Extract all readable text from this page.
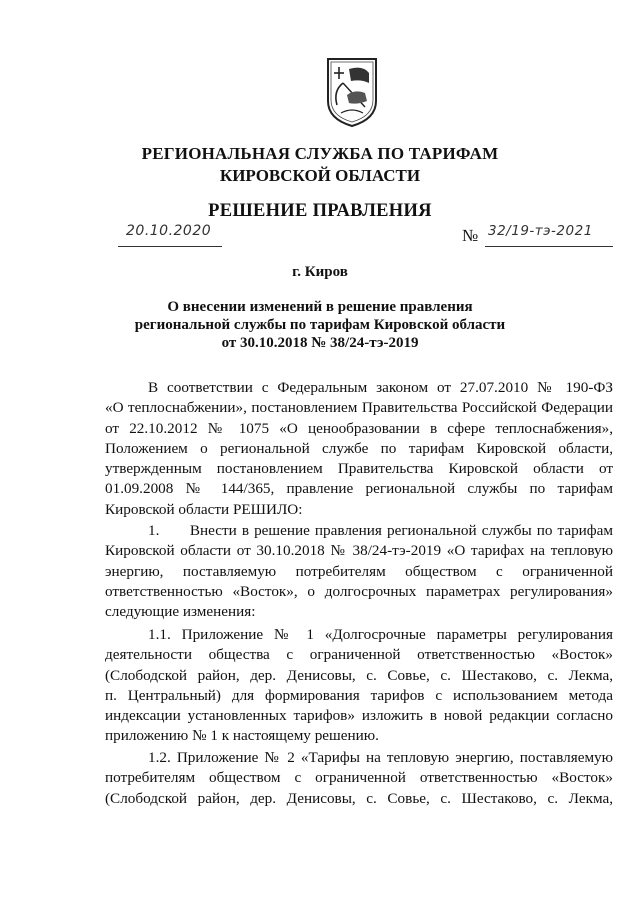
РЕГИОНАЛЬНАЯ СЛУЖБА ПО ТАРИФАМ
КИРОВСКОЙ ОБЛАСТИ
РЕШЕНИЕ ПРАВЛЕНИЯ
20.10.2020	№ 32/19-тэ-2021
г. Киров
О внесении изменений в решение правления
региональной службы по тарифам Кировской области
от 30.10.2018 № 38/24-тэ-2019

В соответствии с Федеральным законом от 27.07.2010 № 190-ФЗ

«О теплоснабжении», постановлением Правительства Российской Федерации

от 22.10.2012 № 1075 «О ценообразовании в сфере теплоснабжения»,

Положением о региональной службе по тарифам Кировской области,

утвержденным постановлением Правительства Кировской области от

01.09.2008 № 144/365, правление региональной службы по тарифам

Кировской области РЕШИЛО:

1.      Внести в решение правления региональной службы по тарифам

Кировской области от 30.10.2018 № 38/24-тэ-2019 «О тарифах на тепловую

энергию, поставляемую потребителям обществом с ограниченной

ответственностью «Восток», о долгосрочных параметрах регулирования»

следующие изменения:

1.1. Приложение № 1 «Долгосрочные параметры регулирования

деятельности общества с ограниченной ответственностью «Восток»

(Слободской район, дер. Денисовы, с. Совье, с. Шестаково, с. Лекма,

п. Центральный) для формирования тарифов с использованием метода

индексации установленных тарифов» изложить в новой редакции согласно

приложению № 1 к настоящему решению.

1.2. Приложение № 2 «Тарифы на тепловую энергию, поставляемую

потребителям обществом с ограниченной ответственностью «Восток»

(Слободской район, дер. Денисовы, с. Совье, с. Шестаково, с. Лекма,
